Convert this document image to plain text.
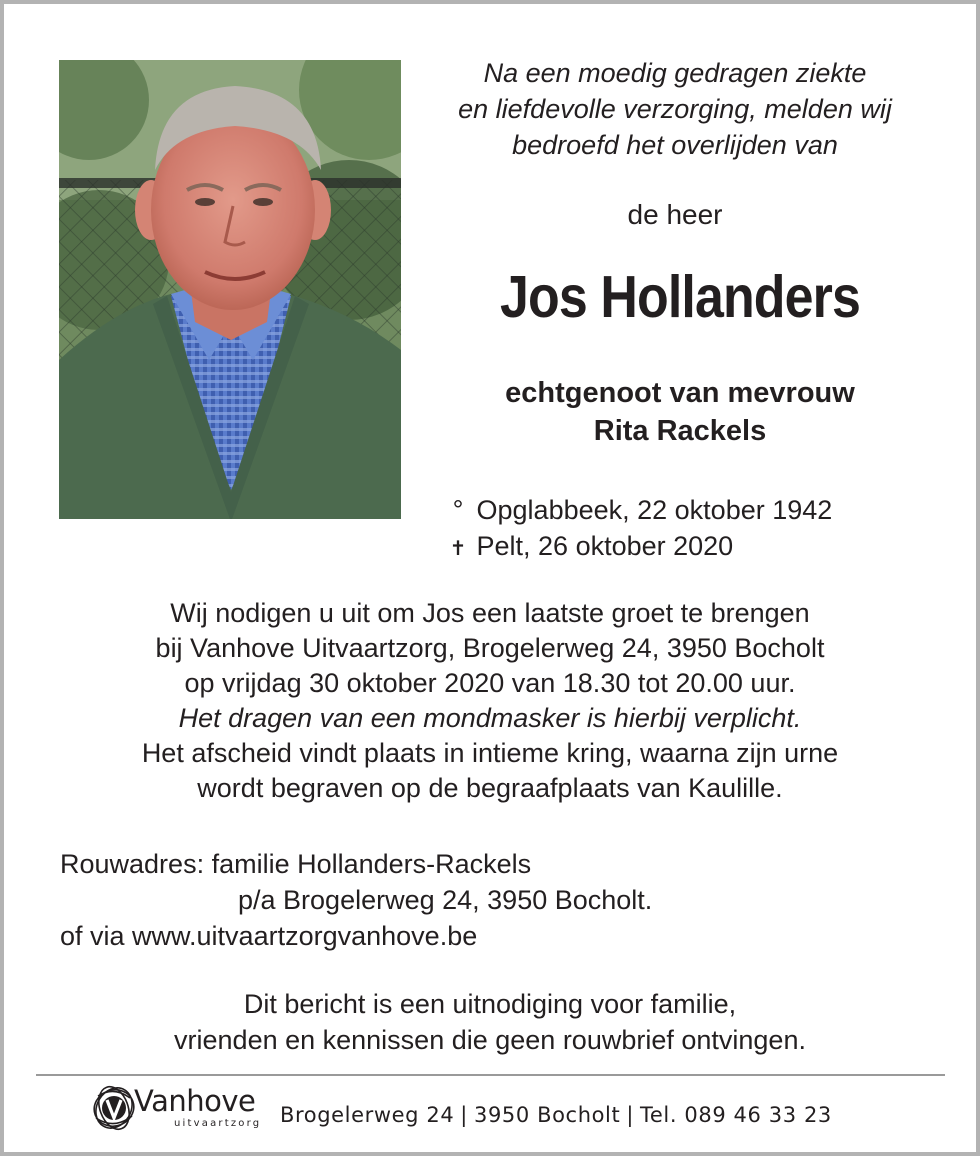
Na een moedig gedragen ziekte
en liefdevolle verzorging, melden wij
bedroefd het overlijden van
de heer
Jos Hollanders
echtgenoot van mevrouw
Rita Rackels
° Opglabbeek, 22 oktober 1942
✝ Pelt, 26 oktober 2020
Wij nodigen u uit om Jos een laatste groet te brengen
bij Vanhove Uitvaartzorg, Brogelerweg 24, 3950 Bocholt
op vrijdag 30 oktober 2020 van 18.30 tot 20.00 uur.
Het dragen van een mondmasker is hierbij verplicht.
Het afscheid vindt plaats in intieme kring, waarna zijn urne
wordt begraven op de begraafplaats van Kaulille.
Rouwadres: familie Hollanders-Rackels
p/a Brogelerweg 24, 3950 Bocholt.
of via www.uitvaartzorgvanhove.be
Dit bericht is een uitnodiging voor familie,
vrienden en kennissen die geen rouwbrief ontvingen.
Vanhove
uitvaartzorg Brogelerweg 24 | 3950 Bocholt | Tel. 089 46 33 23
